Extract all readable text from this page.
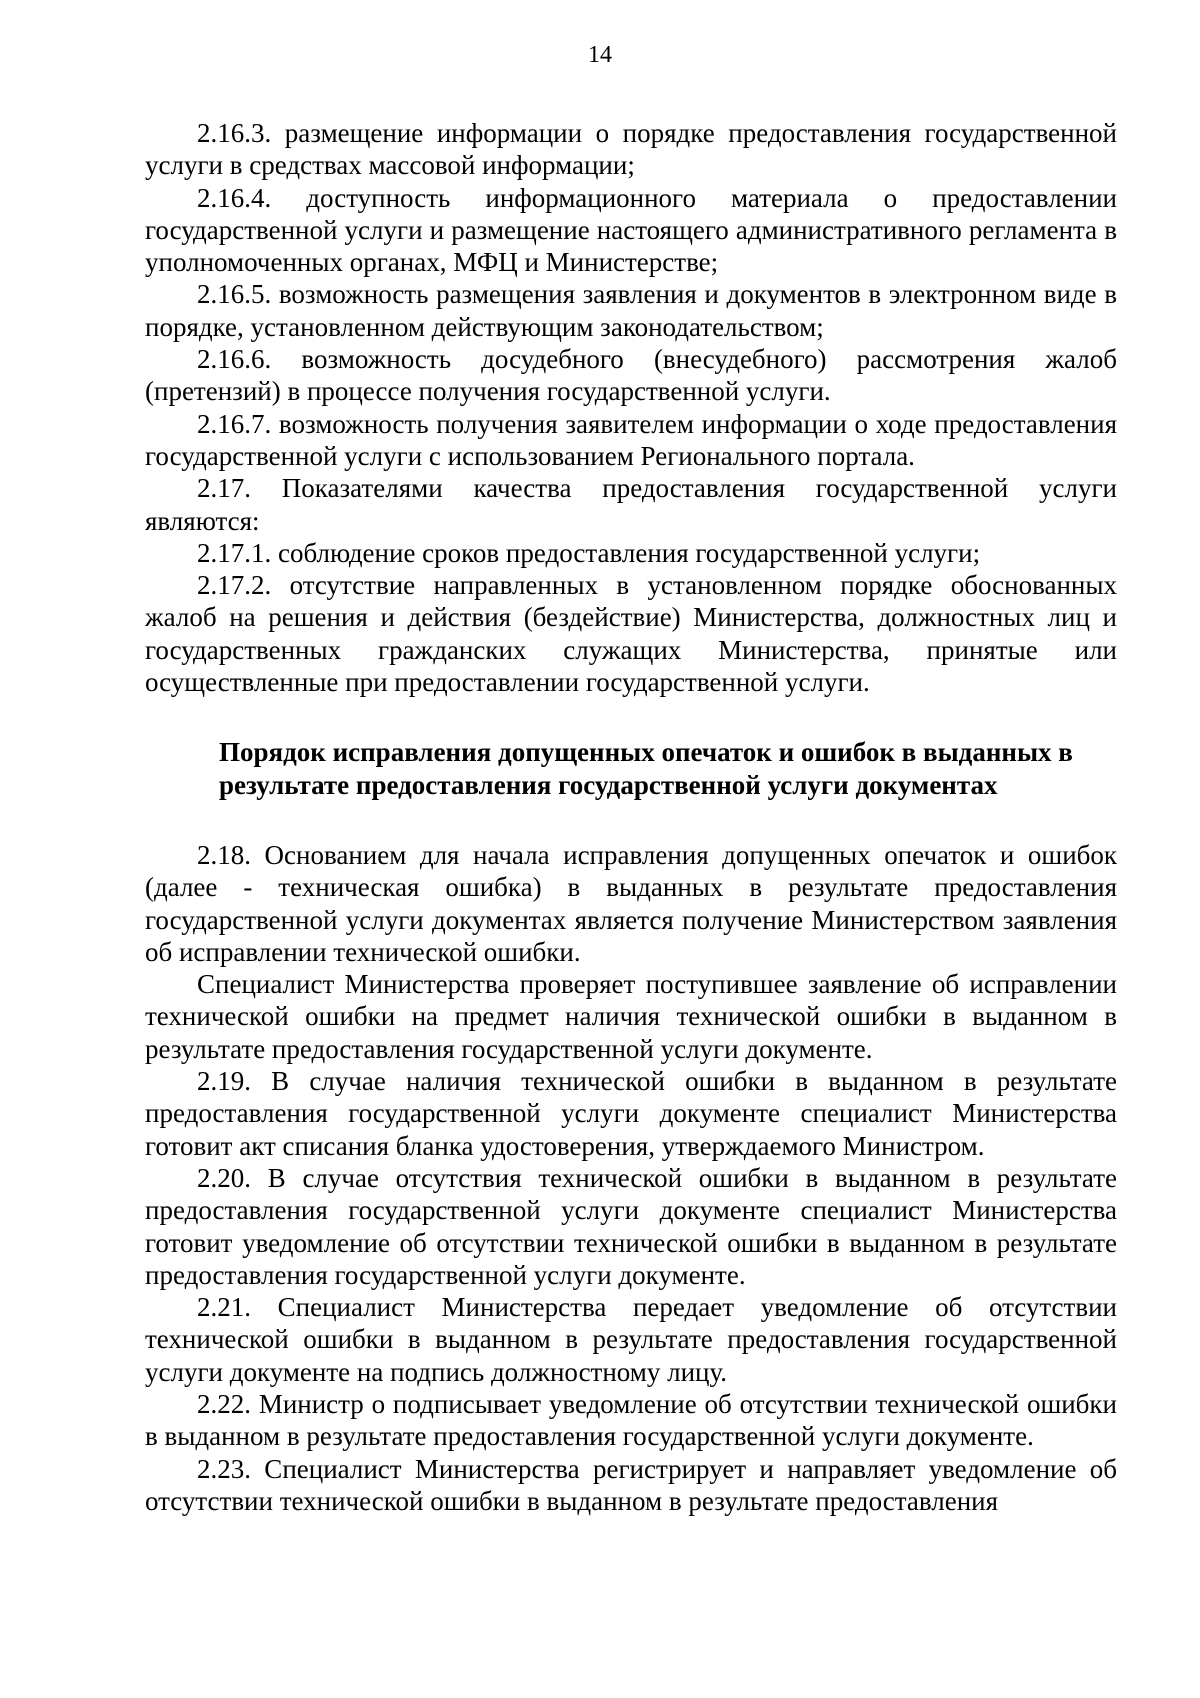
14

2.16.3. размещение информации о порядке предоставления государственной услуги в средствах массовой информации;

2.16.4. доступность информационного материала о предоставлении государственной услуги и размещение настоящего административного регламента в уполномоченных органах, МФЦ и Министерстве;

2.16.5. возможность размещения заявления и документов в электронном виде в порядке, установленном действующим законодательством;

2.16.6. возможность досудебного (внесудебного) рассмотрения жалоб (претензий) в процессе получения государственной услуги.

2.16.7. возможность получения заявителем информации о ходе предоставления государственной услуги с использованием Регионального портала.

2.17. Показателями качества предоставления государственной услуги являются:

2.17.1. соблюдение сроков предоставления государственной услуги;

2.17.2. отсутствие направленных в установленном порядке обоснованных жалоб на решения и действия (бездействие) Министерства, должностных лиц и государственных гражданских служащих Министерства, принятые или осуществленные при предоставлении государственной услуги.

Порядок исправления допущенных опечаток и ошибок в выданных в результате предоставления государственной услуги документах

2.18. Основанием для начала исправления допущенных опечаток и ошибок (далее - техническая ошибка) в выданных в результате предоставления государственной услуги документах является получение Министерством заявления об исправлении технической ошибки.

Специалист Министерства проверяет поступившее заявление об исправлении технической ошибки на предмет наличия технической ошибки в выданном в результате предоставления государственной услуги документе.

2.19. В случае наличия технической ошибки в выданном в результате предоставления государственной услуги документе специалист Министерства готовит акт списания бланка удостоверения, утверждаемого Министром.

2.20. В случае отсутствия технической ошибки в выданном в результате предоставления государственной услуги документе специалист Министерства готовит уведомление об отсутствии технической ошибки в выданном в результате предоставления государственной услуги документе.

2.21. Специалист Министерства передает уведомление об отсутствии технической ошибки в выданном в результате предоставления государственной услуги документе на подпись должностному лицу.

2.22. Министр о подписывает уведомление об отсутствии технической ошибки в выданном в результате предоставления государственной услуги документе.

2.23. Специалист Министерства регистрирует и направляет уведомление об отсутствии технической ошибки в выданном в результате предоставления
